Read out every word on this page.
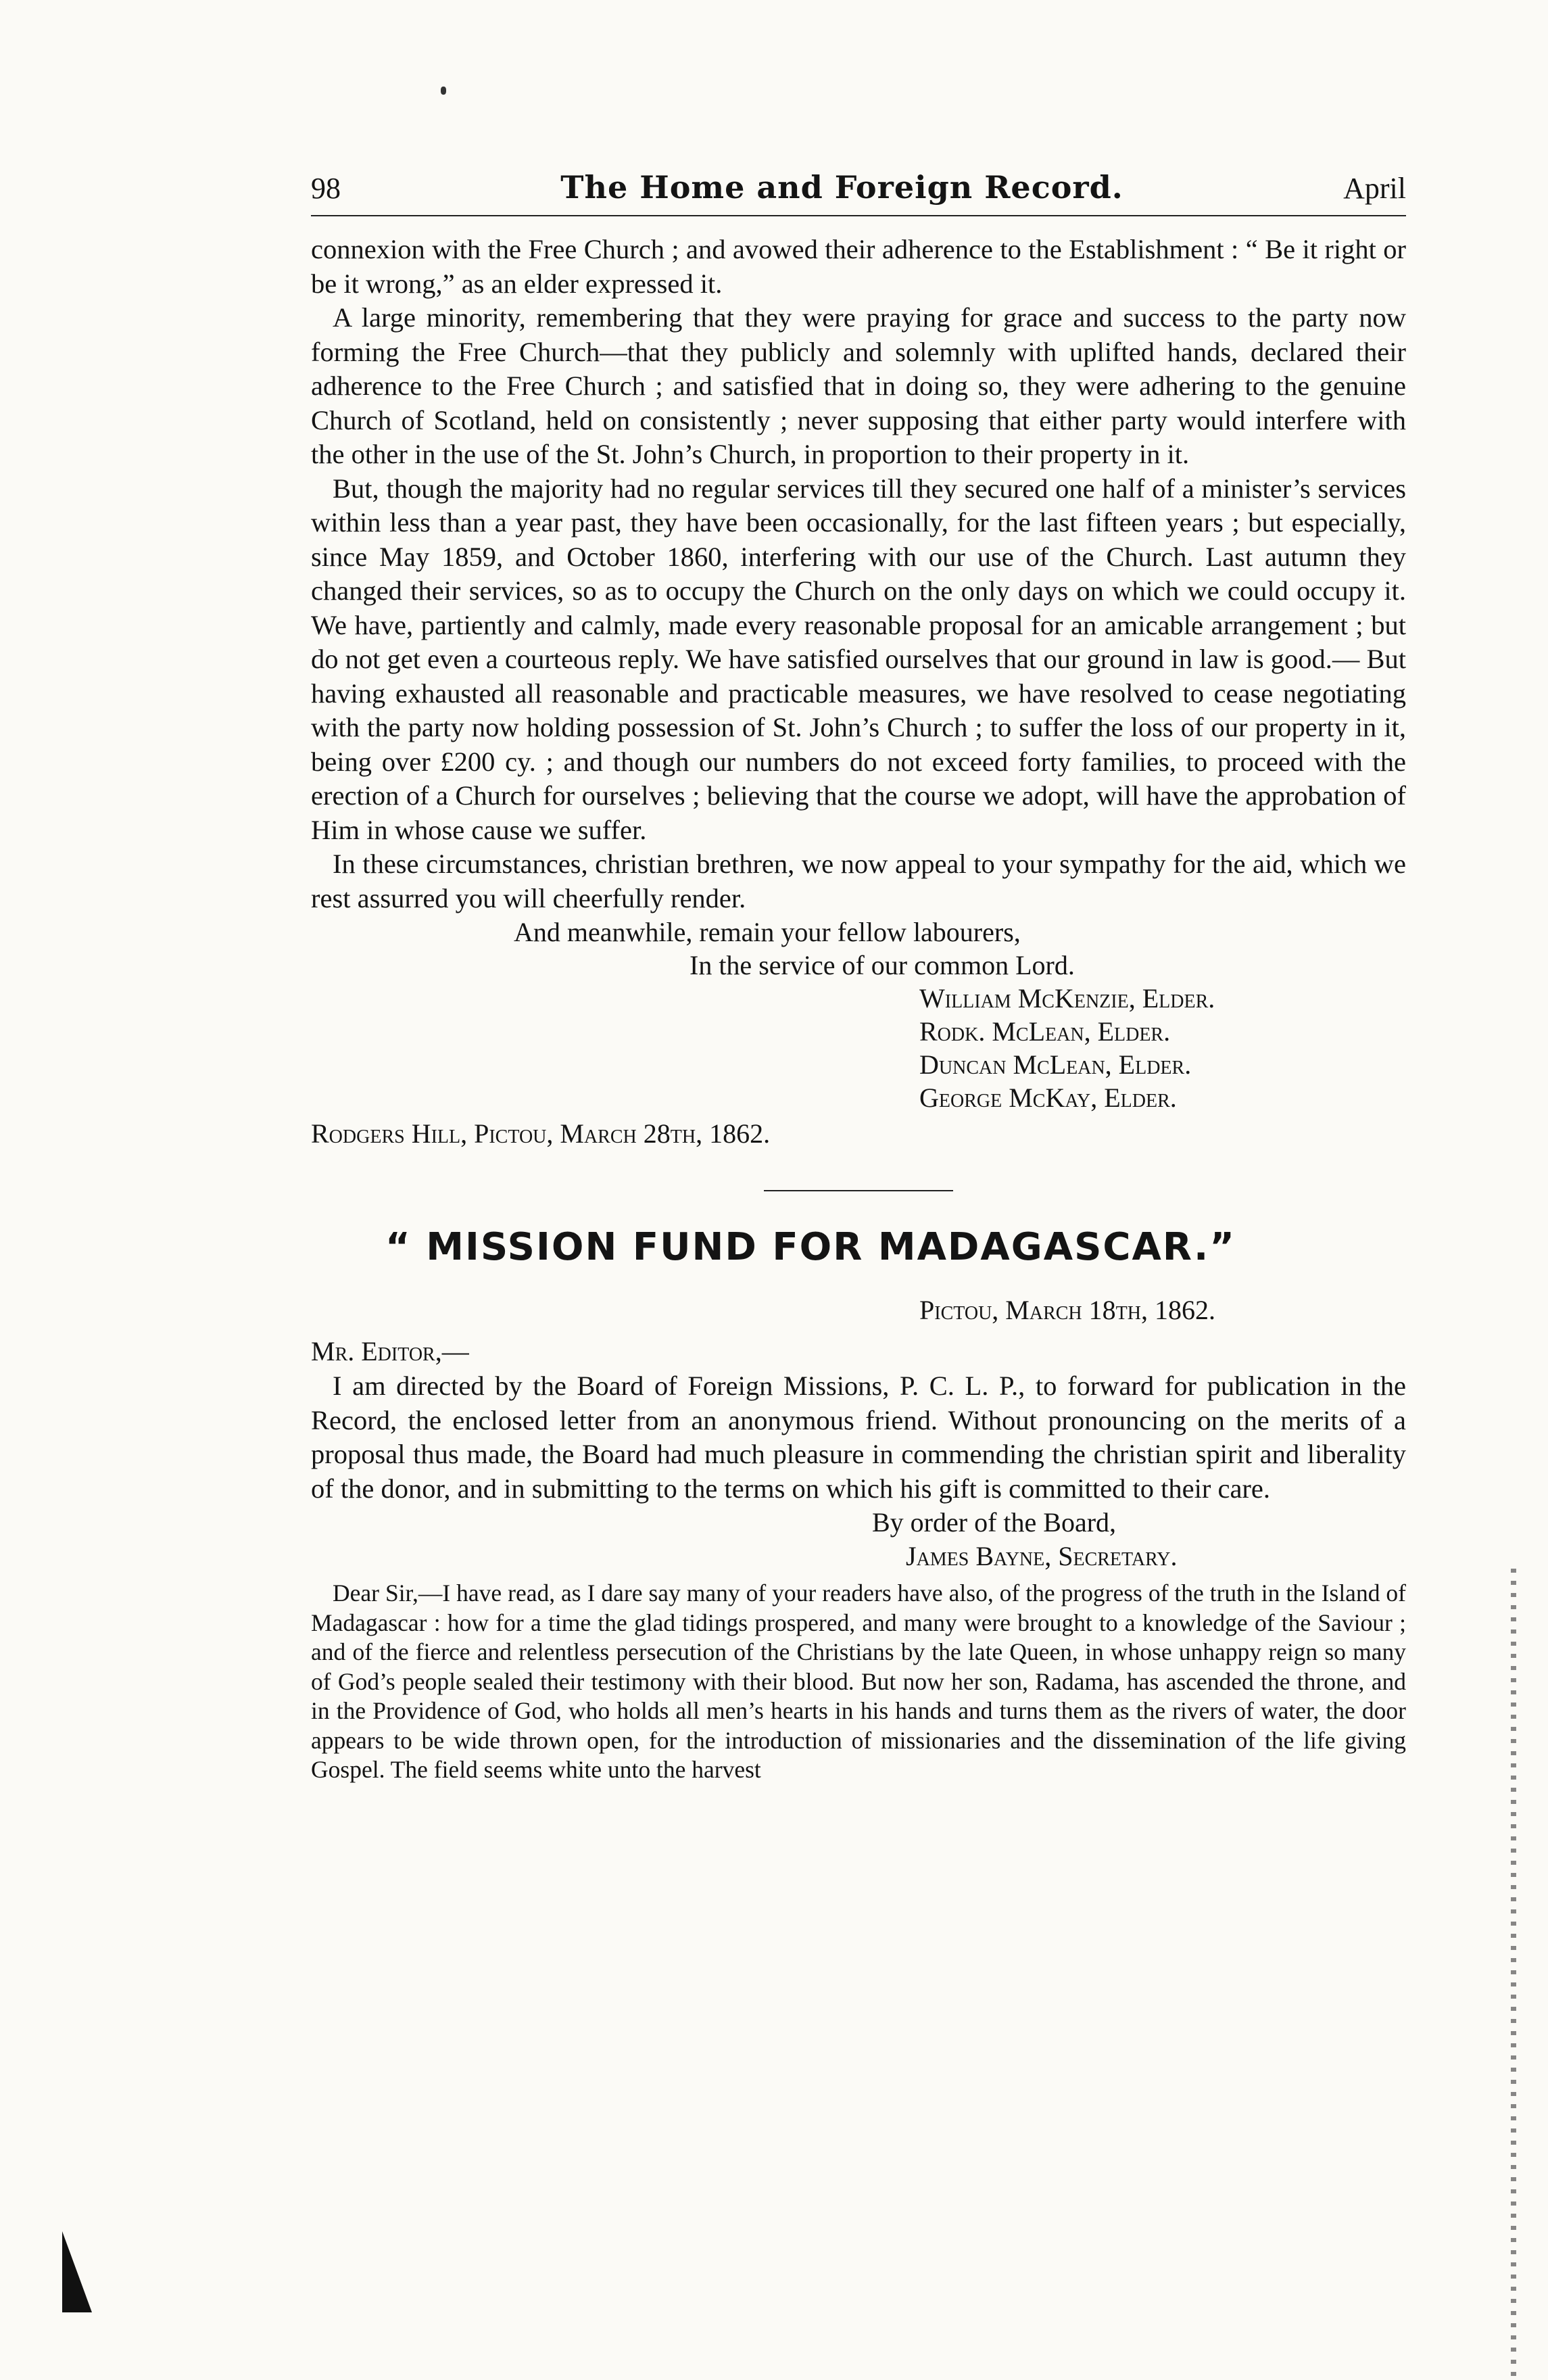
98	The Home and Foreign Record.	April

connexion with the Free Church ; and avowed their adherence to the Establishment : “ Be it right or be it wrong,” as an elder expressed it.

A large minority, remembering that they were praying for grace and success to the party now forming the Free Church—that they publicly and solemnly with uplifted hands, declared their adherence to the Free Church ; and satisfied that in doing so, they were adhering to the genuine Church of Scotland, held on consistently ; never supposing that either party would interfere with the other in the use of the St. John’s Church, in proportion to their property in it.

But, though the majority had no regular services till they secured one half of a minister’s services within less than a year past, they have been occasionally, for the last fifteen years ; but especially, since May 1859, and October 1860, interfering with our use of the Church. Last autumn they changed their services, so as to occupy the Church on the only days on which we could occupy it. We have, partiently and calmly, made every reasonable proposal for an amicable arrangement ; but do not get even a courteous reply. We have satisfied ourselves that our ground in law is good.— But having exhausted all reasonable and practicable measures, we have resolved to cease negotiating with the party now holding possession of St. John’s Church ; to suffer the loss of our property in it, being over £200 cy. ; and though our numbers do not exceed forty families, to proceed with the erection of a Church for ourselves ; believing that the course we adopt, will have the approbation of Him in whose cause we suffer.

In these circumstances, christian brethren, we now appeal to your sympathy for the aid, which we rest assurred you will cheerfully render.

And meanwhile, remain your fellow labourers,

In the service of our common Lord.

William McKenzie, Elder.
Rodk. McLean, Elder.
Duncan McLean, Elder.
George McKay, Elder.

Rodgers Hill, Pictou, March 28th, 1862.

“ MISSION FUND FOR MADAGASCAR.”

Pictou, March 18th, 1862.

Mr. Editor,—

I am directed by the Board of Foreign Missions, P. C. L. P., to forward for publication in the Record, the enclosed letter from an anonymous friend. Without pronouncing on the merits of a proposal thus made, the Board had much pleasure in commending the christian spirit and liberality of the donor, and in submitting to the terms on which his gift is committed to their care.

By order of the Board,
James Bayne, Secretary.

Dear Sir,—I have read, as I dare say many of your readers have also, of the progress of the truth in the Island of Madagascar : how for a time the glad tidings prospered, and many were brought to a knowledge of the Saviour ; and of the fierce and relentless persecution of the Christians by the late Queen, in whose unhappy reign so many of God’s people sealed their testimony with their blood. But now her son, Radama, has ascended the throne, and in the Providence of God, who holds all men’s hearts in his hands and turns them as the rivers of water, the door appears to be wide thrown open, for the introduction of missionaries and the dissemination of the life giving Gospel. The field seems white unto the harvest
